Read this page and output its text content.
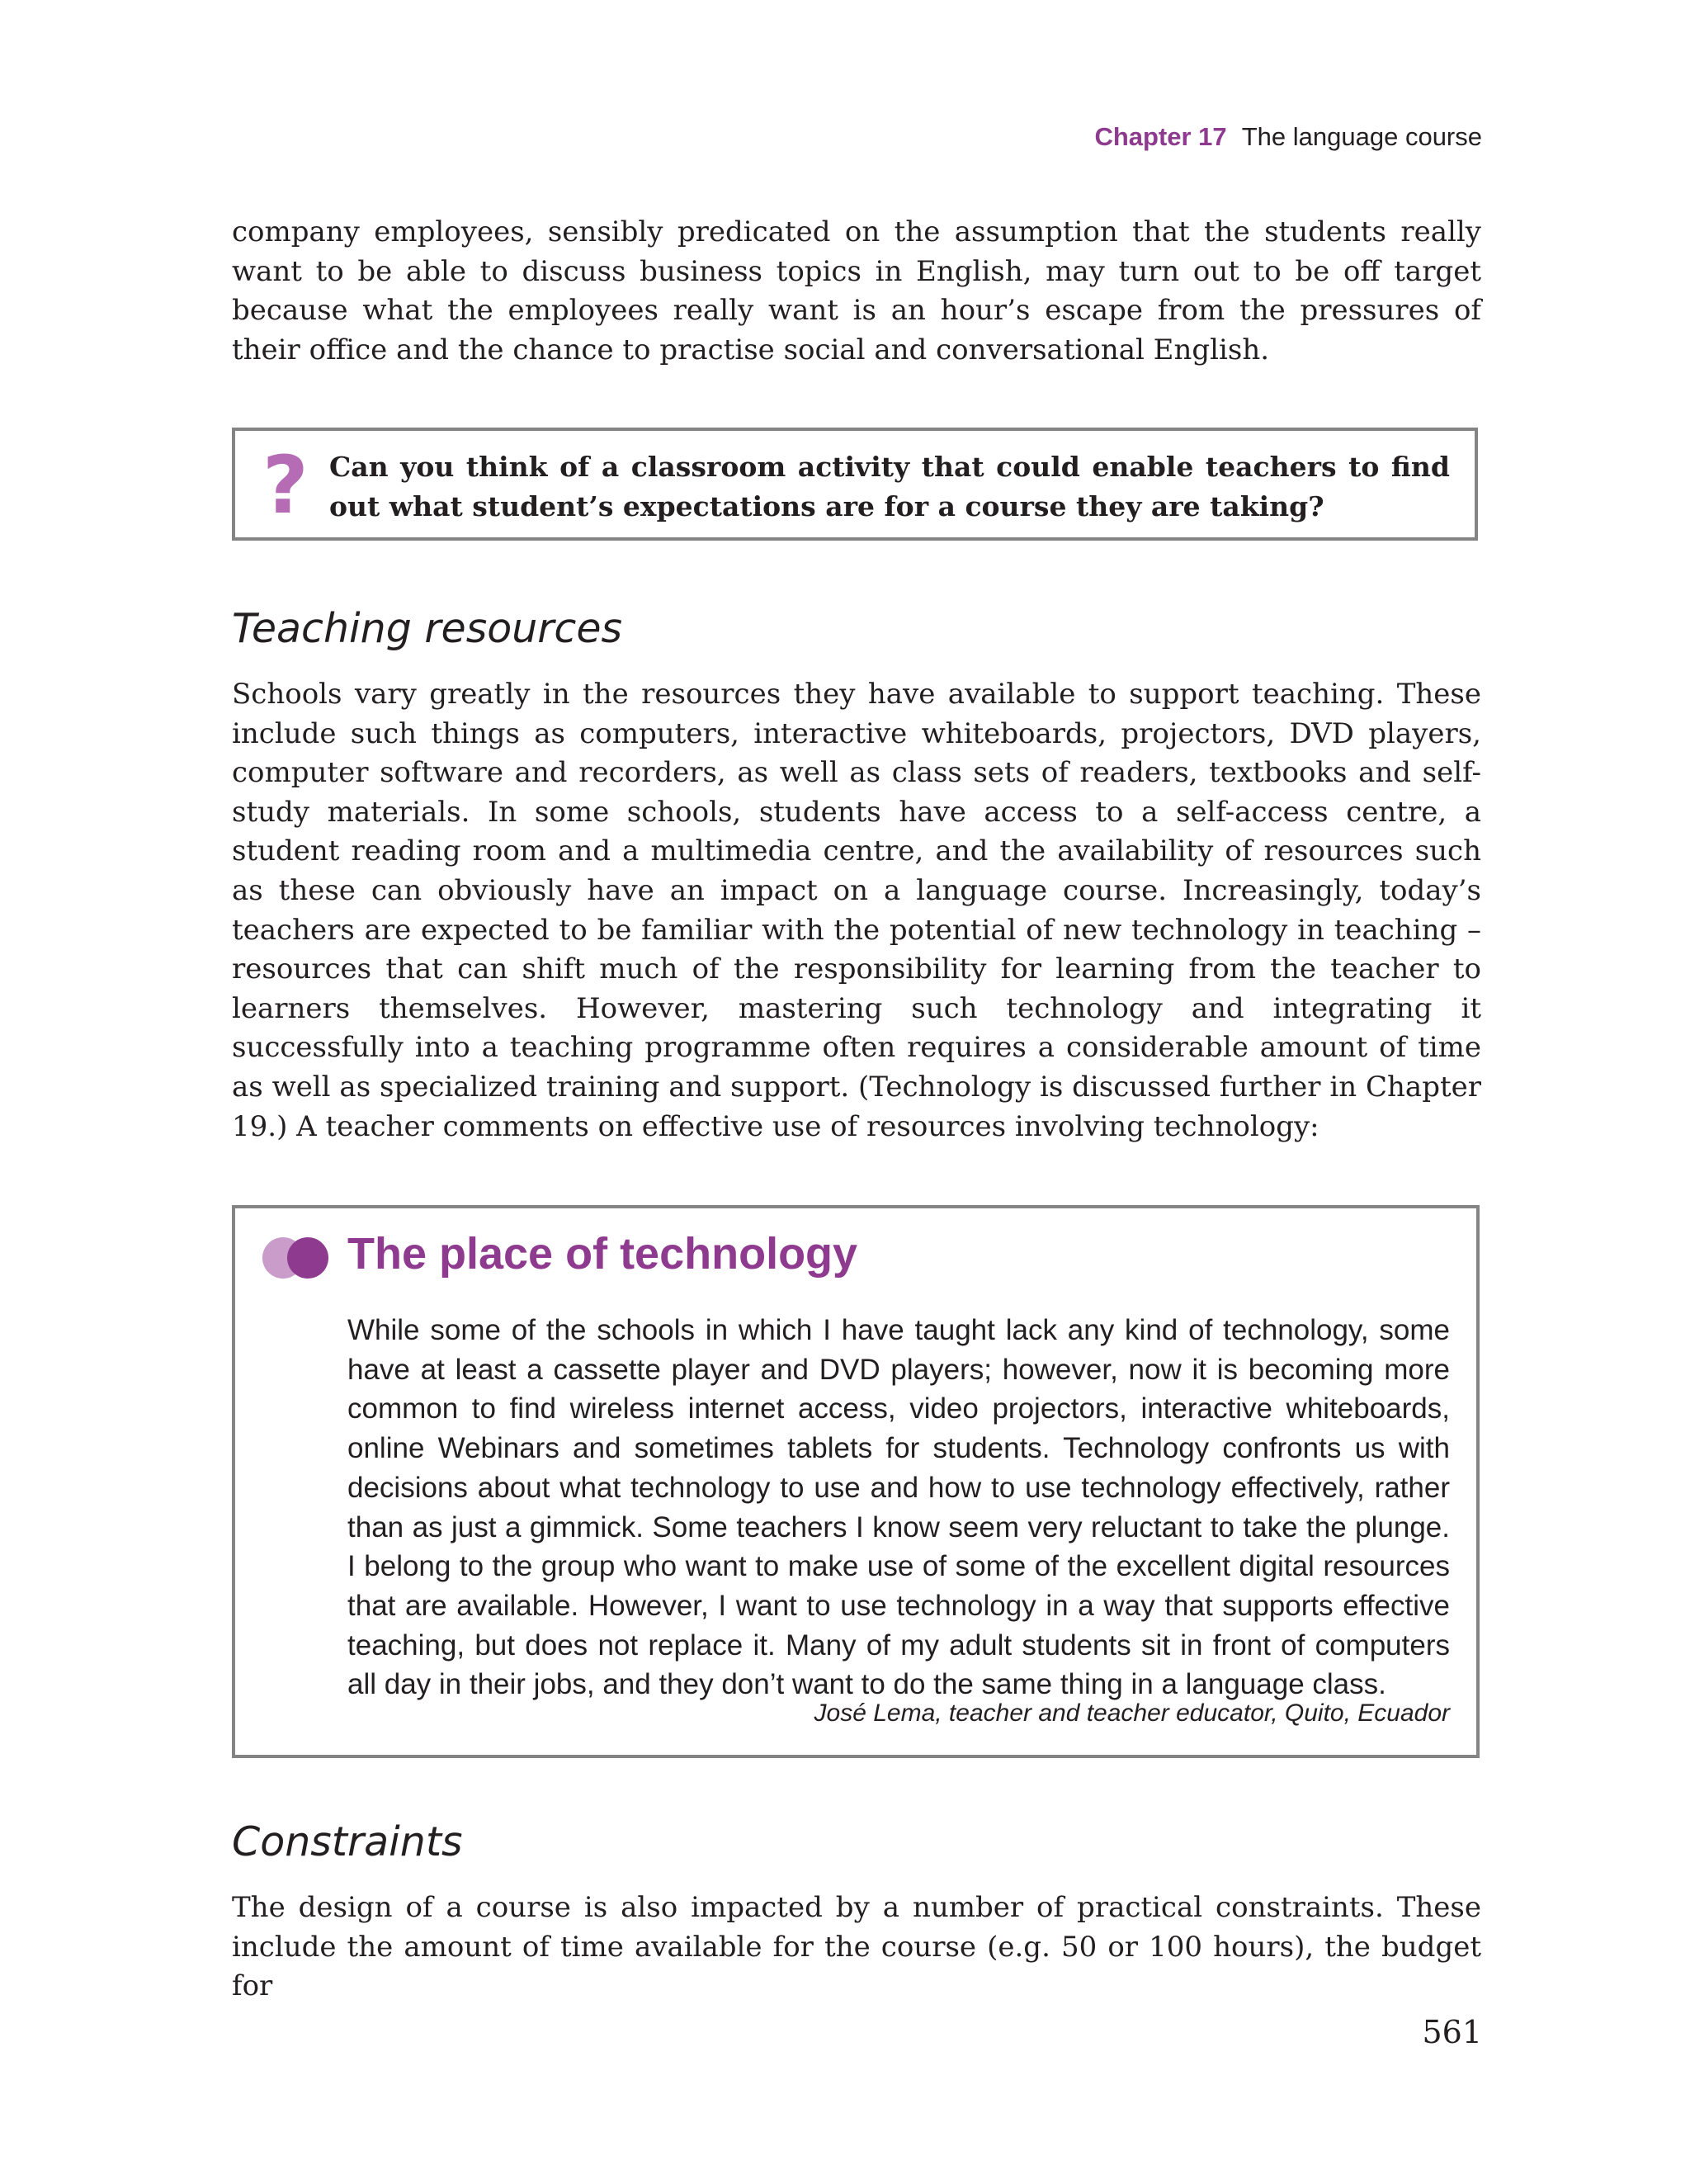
Chapter 17 The language course

company employees, sensibly predicated on the assumption that the students really want to be able to discuss business topics in English, may turn out to be off target because what the employees really want is an hour’s escape from the pressures of their office and the chance to practise social and conversational English.

? Can you think of a classroom activity that could enable teachers to find out what student’s expectations are for a course they are taking?

Teaching resources

Schools vary greatly in the resources they have available to support teaching. These include such things as computers, interactive whiteboards, projectors, DVD players, computer software and recorders, as well as class sets of readers, textbooks and self-study materials. In some schools, students have access to a self-access centre, a student reading room and a multimedia centre, and the availability of resources such as these can obviously have an impact on a language course. Increasingly, today’s teachers are expected to be familiar with the potential of new technology in teaching – resources that can shift much of the responsibility for learning from the teacher to learners themselves. However, mastering such technology and integrating it successfully into a teaching programme often requires a considerable amount of time as well as specialized training and support. (Technology is discussed further in Chapter 19.) A teacher comments on effective use of resources involving technology:

The place of technology

While some of the schools in which I have taught lack any kind of technology, some have at least a cassette player and DVD players; however, now it is becoming more common to find wireless internet access, video projectors, interactive whiteboards, online Webinars and sometimes tablets for students. Technology confronts us with decisions about what technology to use and how to use technology effectively, rather than as just a gimmick. Some teachers I know seem very reluctant to take the plunge. I belong to the group who want to make use of some of the excellent digital resources that are available. However, I want to use technology in a way that supports effective teaching, but does not replace it. Many of my adult students sit in front of computers all day in their jobs, and they don’t want to do the same thing in a language class.

José Lema, teacher and teacher educator, Quito, Ecuador

Constraints

The design of a course is also impacted by a number of practical constraints. These include the amount of time available for the course (e.g. 50 or 100 hours), the budget for

561
